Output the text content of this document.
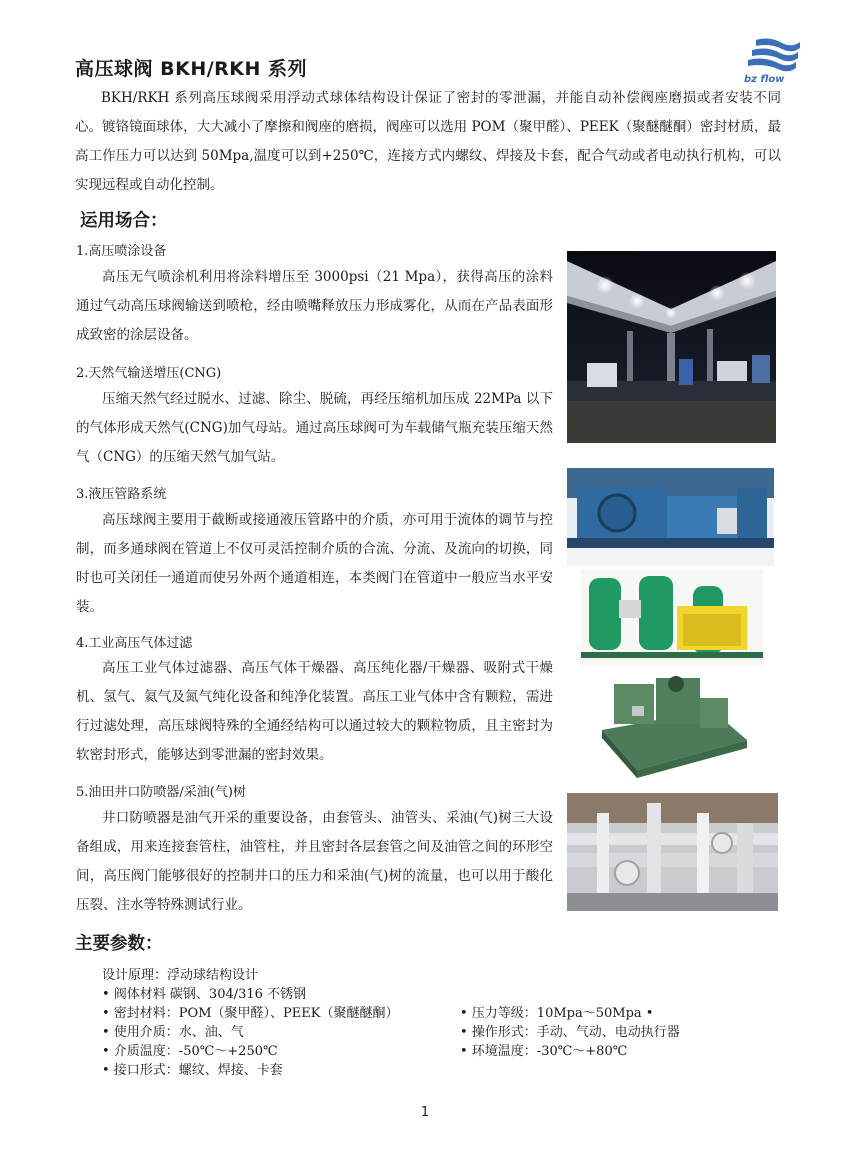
高压球阀 BKH/RKH 系列	bz flow
BKH/RKH 系列高压球阀采用浮动式球体结构设计保证了密封的零泄漏，并能自动补偿阀座磨损或者安装不同心。镀铬镜面球体，大大减小了摩擦和阀座的磨损，阀座可以选用 POM（聚甲醛）、PEEK（聚醚醚酮）密封材质，最高工作压力可以达到 50Mpa,温度可以到+250℃，连接方式内螺纹、焊接及卡套，配合气动或者电动执行机构，可以实现远程或自动化控制。
运用场合：
1.高压喷涂设备
高压无气喷涂机利用将涂料增压至 3000psi（21 Mpa），获得高压的涂料通过气动高压球阀输送到喷枪，经由喷嘴释放压力形成雾化，从而在产品表面形成致密的涂层设备。
2.天然气输送增压(CNG)
压缩天然气经过脱水、过滤、除尘、脱硫，再经压缩机加压成 22MPa 以下的气体形成天然气(CNG)加气母站。通过高压球阀可为车载储气瓶充装压缩天然气（CNG）的压缩天然气加气站。
3.液压管路系统
高压球阀主要用于截断或接通液压管路中的介质，亦可用于流体的调节与控制，而多通球阀在管道上不仅可灵活控制介质的合流、分流、及流向的切换，同时也可关闭任一通道而使另外两个通道相连，本类阀门在管道中一般应当水平安装。
4.工业高压气体过滤
高压工业气体过滤器、高压气体干燥器、高压纯化器/干燥器、吸附式干燥机、氢气、氦气及氮气纯化设备和纯净化装置。高压工业气体中含有颗粒，需进行过滤处理，高压球阀特殊的全通经结构可以通过较大的颗粒物质，且主密封为软密封形式，能够达到零泄漏的密封效果。
5.油田井口防喷器/采油(气)树
井口防喷器是油气开采的重要设备，由套管头、油管头、采油(气)树三大设备组成，用来连接套管柱，油管柱，并且密封各层套管之间及油管之间的环形空间，高压阀门能够很好的控制井口的压力和采油(气)树的流量，也可以用于酸化压裂、注水等特殊测试行业。
主要参数：
设计原理：浮动球结构设计
• 阀体材料 碳钢、304/316 不锈钢
• 密封材料：POM（聚甲醛）、PEEK（聚醚醚酮）
• 使用介质：水、油、气
• 介质温度：-50℃～+250℃
• 接口形式：螺纹、焊接、卡套
• 压力等级：10Mpa～50Mpa •
• 操作形式：手动、气动、电动执行器
• 环境温度：-30℃～+80℃
1
